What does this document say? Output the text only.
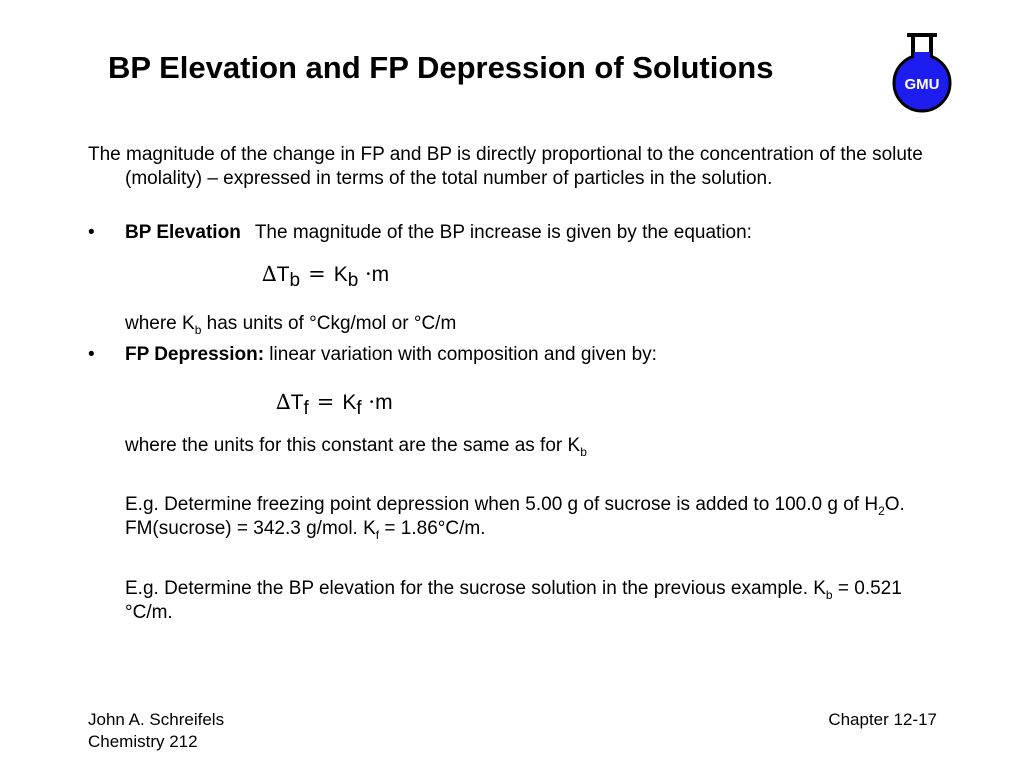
BP Elevation and FP Depression of Solutions	GMU
The magnitude of the change in FP and BP is directly proportional to the concentration of the solute (molality) – expressed in terms of the total number of particles in the solution.
• BP Elevation The magnitude of the BP increase is given by the equation:
∆Tb = Kb ·m
where $K_b$ has units of °Ckg/mol or °C/m
• FP Depression: linear variation with composition and given by:
∆Tf = Kf ·m
where the units for this constant are the same as for $K_b$
E.g. Determine freezing point depression when 5.00 g of sucrose is added to 100.0 g of $H_2O$. FM(sucrose) = 342.3 g/mol. $K_f = 1.86^\circ C/m$.
E.g. Determine the BP elevation for the sucrose solution in the previous example. $K_b = 0.521$ °C/m.
John A. Schreifels
Chemistry 212
Chapter 12-17
